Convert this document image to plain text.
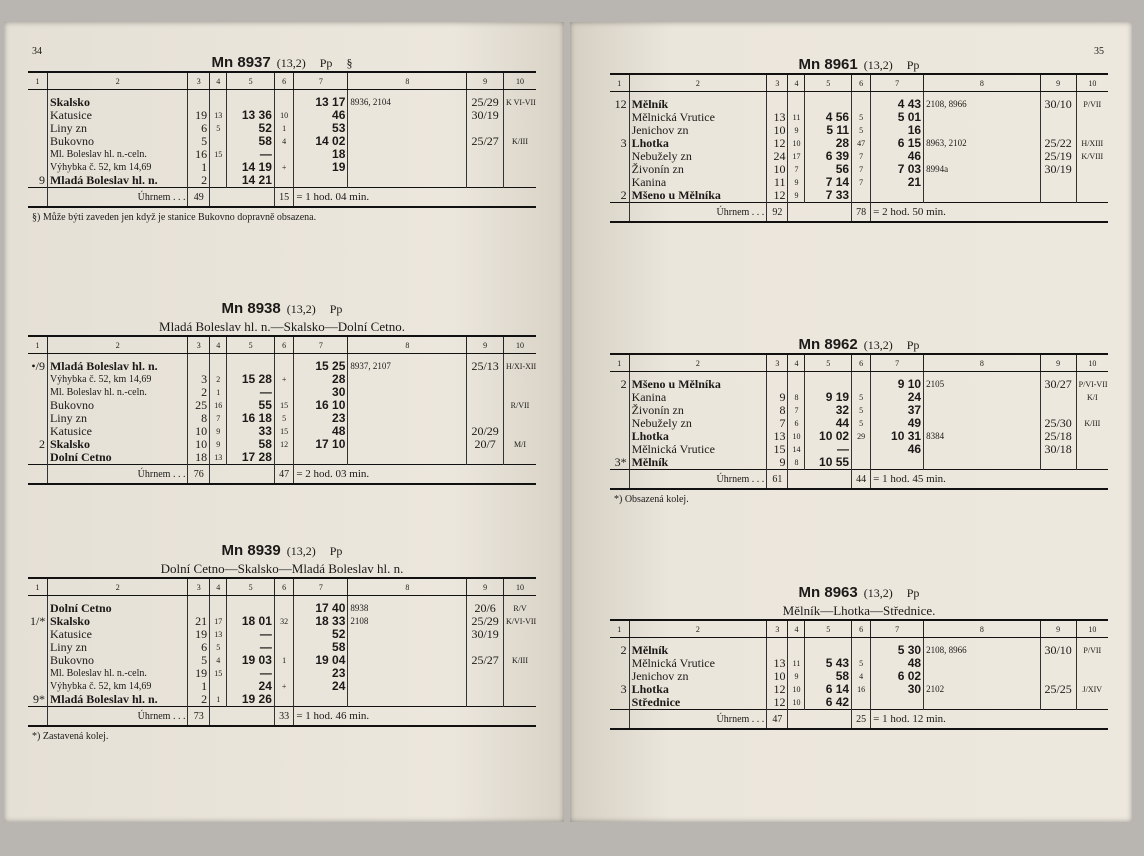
34
Mn 8937 (13,2) Pp §
1	2	3	4	5	6	7	8	9	10

	Skalsko					13 17	8936, 2104	25/29	K VI-VII
	Katusice	19	13	13 36	10	46		30/19	
	Liny zn	6	5	52	1	53			
	Bukovno	5		58	4	14 02		25/27	K/III
	Ml. Boleslav hl. n.-celn.	16	15	—		18			
	Výhybka č. 52, km 14,69	1		14 19	+	19			
9	Mladá Boleslav hl. n.	2		14 21					
	Úhrnem . . .	49			15	= 1 hod. 04 min.			
§) Může býti zaveden jen když je stanice Bukovno dopravně obsazena.
Mn 8938 (13,2) Pp
Mladá Boleslav hl. n.—Skalsko—Dolní Cetno.
1	2	3	4	5	6	7	8	9	10

•/9	Mladá Boleslav hl. n.					15 25	8937, 2107	25/13	H/XI-XII
	Výhybka č. 52, km 14,69	3	2	15 28	+	28			
	Ml. Boleslav hl. n.-celn.	2	1	—		30			
	Bukovno	25	16	55	15	16 10			R/VII
	Liny zn	8	7	16 18	5	23			
	Katusice	10	9	33	15	48		20/29	
2	Skalsko	10	9	58	12	17 10		20/7	M/I
	Dolní Cetno	18	13	17 28					
	Úhrnem . . .	76			47	= 2 hod. 03 min.			
Mn 8939 (13,2) Pp
Dolní Cetno—Skalsko—Mladá Boleslav hl. n.
1	2	3	4	5	6	7	8	9	10

	Dolní Cetno					17 40	8938	20/6	R/V
1/*	Skalsko	21	17	18 01	32	18 33	2108	25/29	K/VI-VII
	Katusice	19	13	—		52		30/19	
	Liny zn	6	5	—		58			
	Bukovno	5	4	19 03	1	19 04		25/27	K/III
	Ml. Boleslav hl. n.-celn.	19	15	—		23			
	Výhybka č. 52, km 14,69	1		24	+	24			
9*	Mladá Boleslav hl. n.	2	1	19 26					
	Úhrnem . . .	73			33	= 1 hod. 46 min.			
*) Zastavená kolej.
35
Mn 8961 (13,2) Pp
1	2	3	4	5	6	7	8	9	10

12	Mělník					4 43	2108, 8966	30/10	P/VII
	Mělnická Vrutice	13	11	4 56	5	5 01			
	Jenichov zn	10	9	5 11	5	16			
3	Lhotka	12	10	28	47	6 15	8963, 2102	25/22	H/XIII
	Nebužely zn	24	17	6 39	7	46		25/19	K/VIII
	Živonín zn	10	7	56	7	7 03	8994a	30/19	
	Kanina	11	9	7 14	7	21			
2	Mšeno u Mělníka	12	9	7 33					
	Úhrnem . . .	92			78	= 2 hod. 50 min.			
Mn 8962 (13,2) Pp
1	2	3	4	5	6	7	8	9	10

2	Mšeno u Mělníka					9 10	2105	30/27	P/VI-VII
	Kanina	9	8	9 19	5	24			K/I
	Živonín zn	8	7	32	5	37			
	Nebužely zn	7	6	44	5	49		25/30	K/III
	Lhotka	13	10	10 02	29	10 31	8384	25/18	
	Mělnická Vrutice	15	14	—		46		30/18	
3*	Mělník	9	8	10 55					
	Úhrnem . . .	61			44	= 1 hod. 45 min.			
*) Obsazená kolej.
Mn 8963 (13,2) Pp
Mělník—Lhotka—Střednice.
1	2	3	4	5	6	7	8	9	10

2	Mělník					5 30	2108, 8966	30/10	P/VII
	Mělnická Vrutice	13	11	5 43	5	48			
	Jenichov zn	10	9	58	4	6 02			
3	Lhotka	12	10	6 14	16	30	2102	25/25	J/XIV
	Střednice	12	10	6 42					
	Úhrnem . . .	47			25	= 1 hod. 12 min.			
